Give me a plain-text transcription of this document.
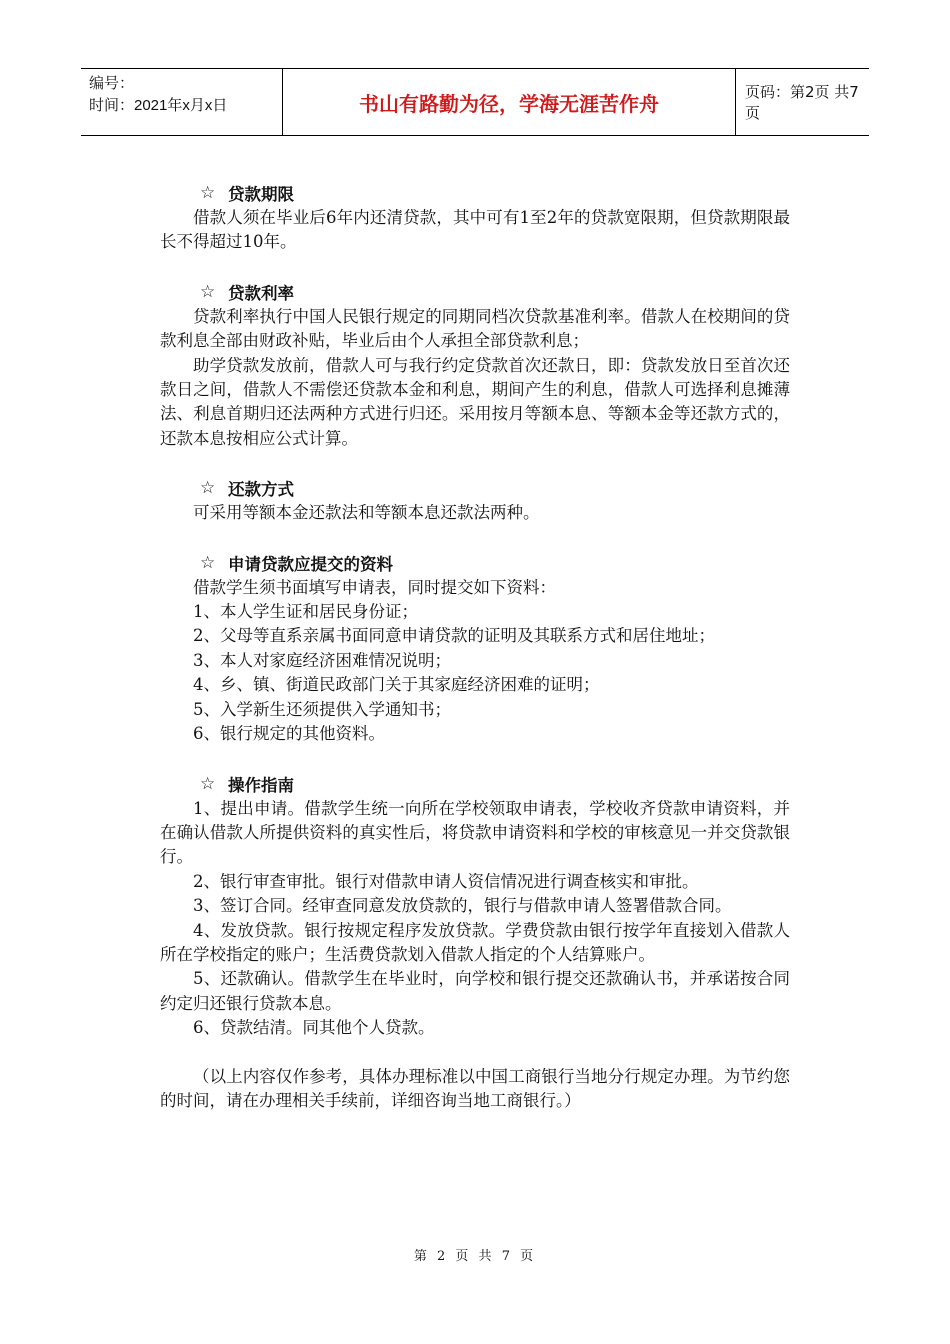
编号：
时间：2021年x月x日	书山有路勤为径，学海无涯苦作舟	页码：第2页 共7页
☆ 贷款期限

借款人须在毕业后6年内还清贷款，其中可有1至2年的贷款宽限期，但贷款期限最长不得超过10年。

☆ 贷款利率

贷款利率执行中国人民银行规定的同期同档次贷款基准利率。借款人在校期间的贷款利息全部由财政补贴，毕业后由个人承担全部贷款利息；

助学贷款发放前，借款人可与我行约定贷款首次还款日，即：贷款发放日至首次还款日之间，借款人不需偿还贷款本金和利息，期间产生的利息，借款人可选择利息摊薄法、利息首期归还法两种方式进行归还。采用按月等额本息、等额本金等还款方式的，还款本息按相应公式计算。

☆ 还款方式

可采用等额本金还款法和等额本息还款法两种。

☆ 申请贷款应提交的资料

借款学生须书面填写申请表，同时提交如下资料：

1、本人学生证和居民身份证；

2、父母等直系亲属书面同意申请贷款的证明及其联系方式和居住地址；

3、本人对家庭经济困难情况说明；

4、乡、镇、街道民政部门关于其家庭经济困难的证明；

5、入学新生还须提供入学通知书；

6、银行规定的其他资料。

☆ 操作指南

1、提出申请。借款学生统一向所在学校领取申请表，学校收齐贷款申请资料，并在确认借款人所提供资料的真实性后，将贷款申请资料和学校的审核意见一并交贷款银行。

2、银行审查审批。银行对借款申请人资信情况进行调查核实和审批。

3、签订合同。经审查同意发放贷款的，银行与借款申请人签署借款合同。

4、发放贷款。银行按规定程序发放贷款。学费贷款由银行按学年直接划入借款人所在学校指定的账户；生活费贷款划入借款人指定的个人结算账户。

5、还款确认。借款学生在毕业时，向学校和银行提交还款确认书，并承诺按合同约定归还银行贷款本息。

6、贷款结清。同其他个人贷款。

（以上内容仅作参考，具体办理标准以中国工商银行当地分行规定办理。为节约您的时间，请在办理相关手续前，详细咨询当地工商银行。）

第 2 页 共 7 页
